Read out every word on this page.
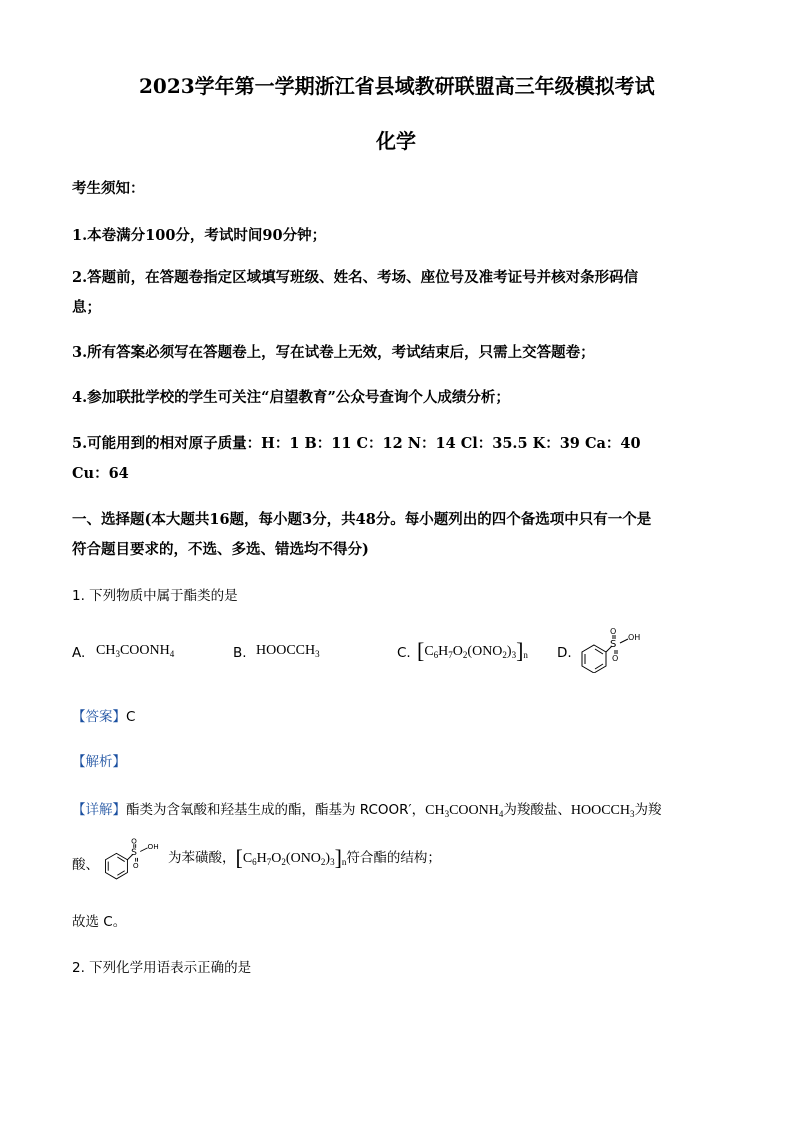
2023学年第一学期浙江省县域教研联盟高三年级模拟考试
化学
考生须知：
1.本卷满分100分，考试时间90分钟；
2.答题前，在答题卷指定区域填写班级、姓名、考场、座位号及准考证号并核对条形码信
息；
3.所有答案必须写在答题卷上，写在试卷上无效，考试结束后，只需上交答题卷；
4.参加联批学校的学生可关注“启望教育”公众号查询个人成绩分析；
5.可能用到的相对原子质量：H：1 B：11 C：12 N：14 Cl：35.5 K：39 Ca：40
Cu：64
一、选择题(本大题共16题，每小题3分，共48分。每小题列出的四个备选项中只有一个是
符合题目要求的，不选、多选、错选均不得分)
1. 下列物质中属于酯类的是
A. $CH_3COONH_4$	B. $HOOCCH_3$	C. $[C_6H_7O_2(ONO_2)_3]_n$ D.
S
O
OH
O
【答案】C
【解析】
【详解】酯类为含氧酸和羟基生成的酯，酯基为 RCOOR′，$CH_3COONH_4$为羧酸盐、$HOOCCH_3$为羧
酸、
S
O
OH
O 为苯磺酸，$[C_6H_7O_2(ONO_2)_3]_n$符合酯的结构；
故选 C。
2. 下列化学用语表示正确的是
